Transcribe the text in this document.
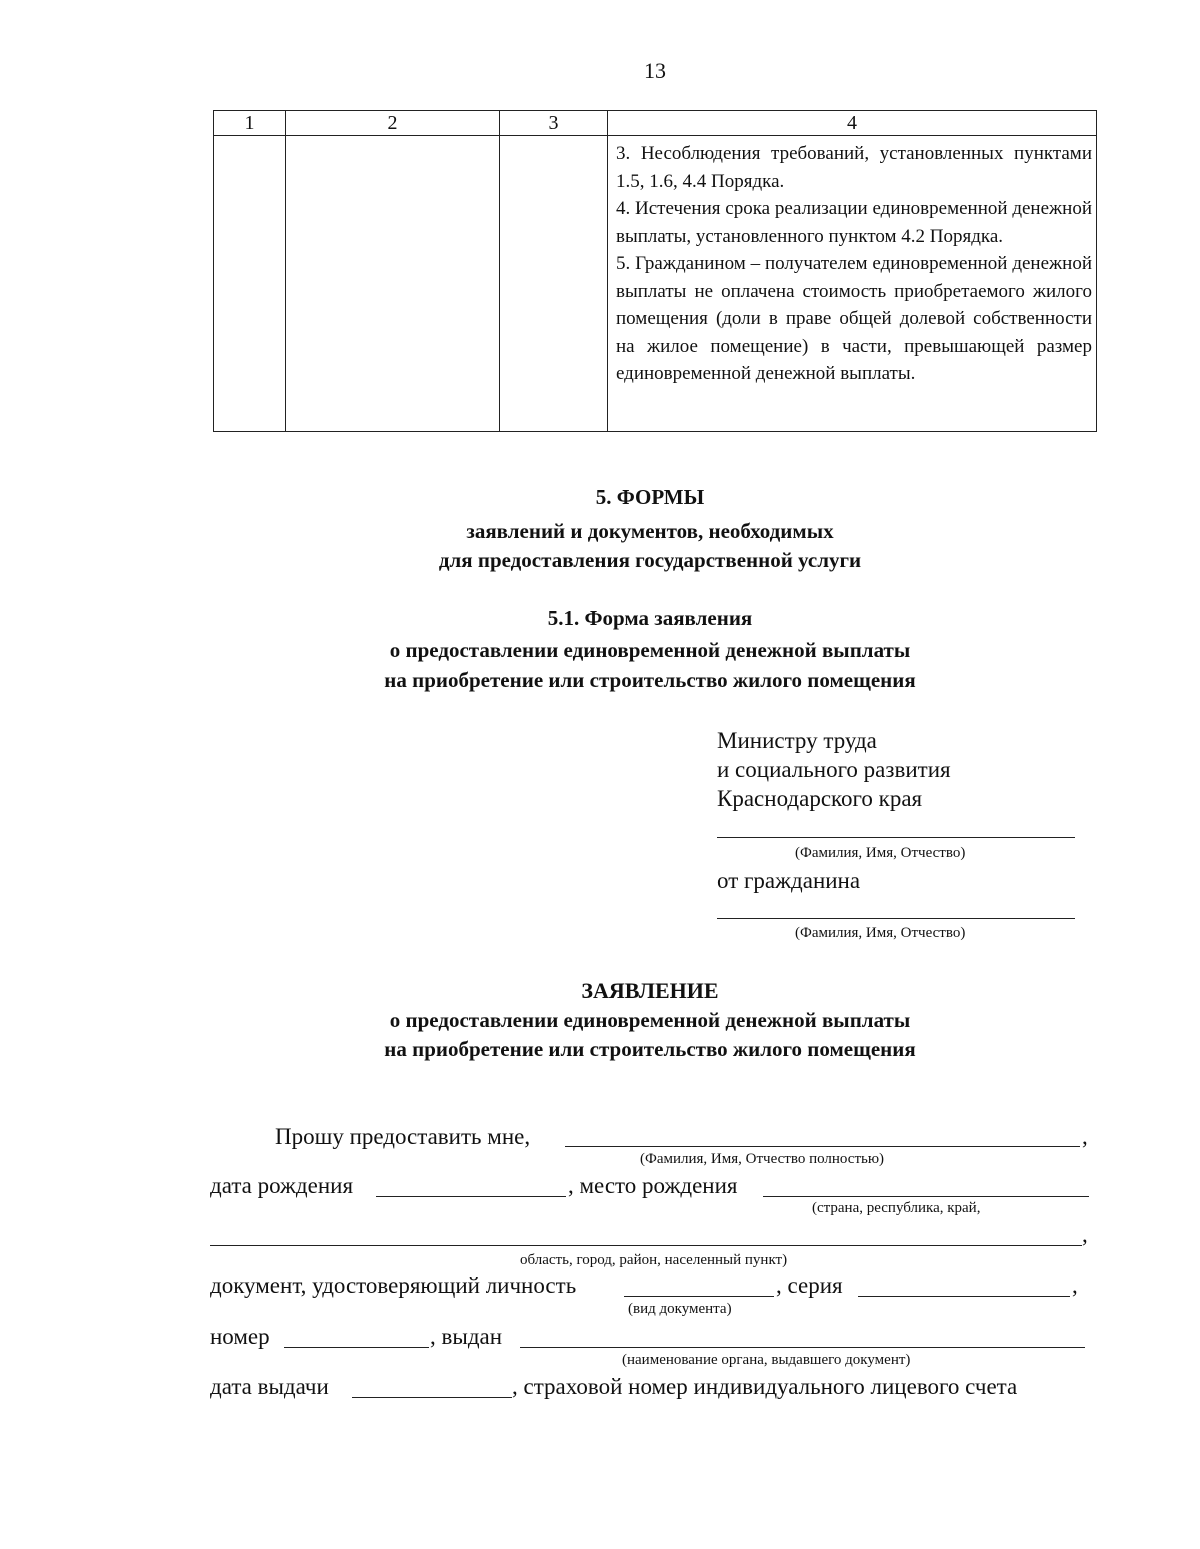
13
1	2	3	4

			3. Несоблюдения требований, установленных пунктами 1.5, 1.6, 4.4 Порядка.

4. Истечения срока реализации единовременной денежной выплаты, установленного пунктом 4.2 Порядка.

5. Гражданином – получателем единовременной денежной выплаты не оплачена стоимость приобретаемого жилого помещения (доли в праве общей долевой собственности на жилое помещение) в части, превышающей размер единовременной денежной выплаты.

5. ФОРМЫ
заявлений и документов, необходимых
для предоставления государственной услуги
5.1. Форма заявления
о предоставлении единовременной денежной выплаты
на приобретение или строительство жилого помещения
Министру труда
и социального развития
Краснодарского края
(Фамилия, Имя, Отчество)
от гражданина
(Фамилия, Имя, Отчество)
ЗАЯВЛЕНИЕ
о предоставлении единовременной денежной выплаты
на приобретение или строительство жилого помещения
Прошу предоставить мне,	,
(Фамилия, Имя, Отчество полностью)
дата рождения	, место рождения
(страна, республика, край,
,
область, город, район, населенный пункт)
документ, удостоверяющий личность	, серия	,
(вид документа)
номер	, выдан
(наименование органа, выдавшего документ)
дата выдачи	, страховой номер индивидуального лицевого счета
